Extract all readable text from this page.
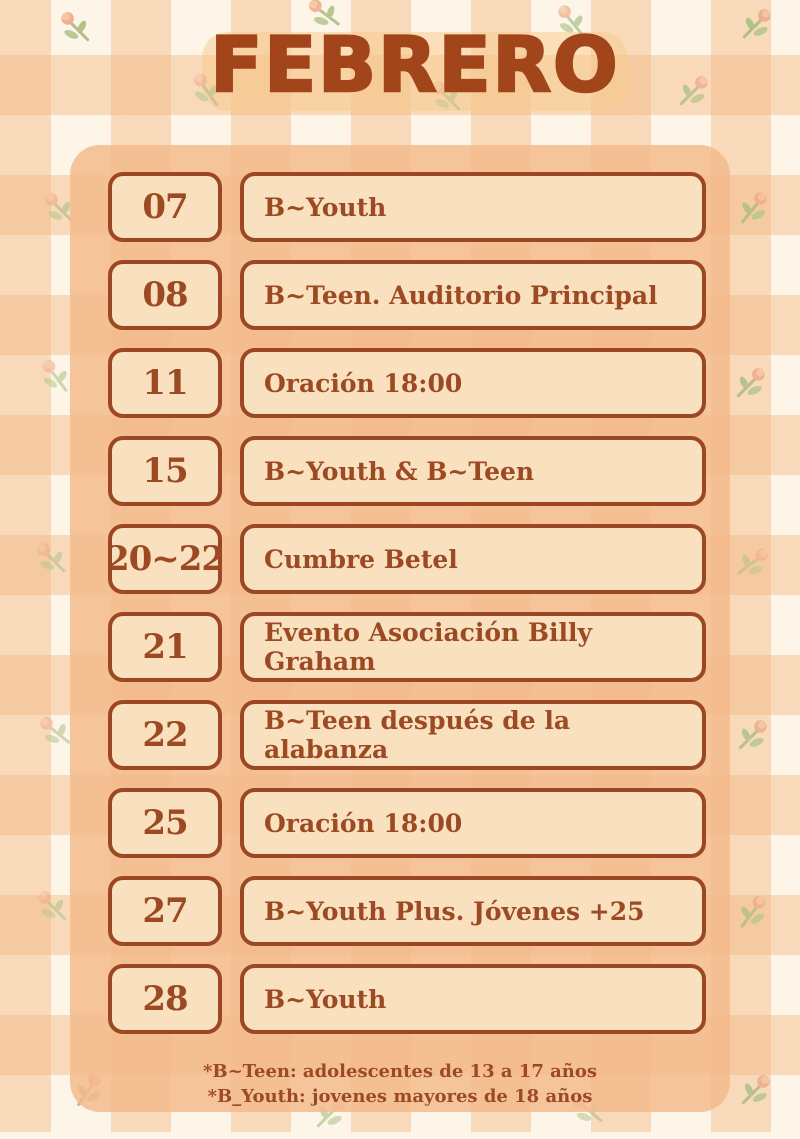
FEBRERO
07	B~Youth
08	B~Teen. Auditorio Principal
11	Oración 18:00
15	B~Youth & B~Teen
20~22	Cumbre Betel
21	Evento Asociación Billy Graham
22	B~Teen después de la alabanza
25	Oración 18:00
27	B~Youth Plus. Jóvenes +25
28	B~Youth
*B~Teen: adolescentes de 13 a 17 años
*B_Youth: jovenes mayores de 18 años
